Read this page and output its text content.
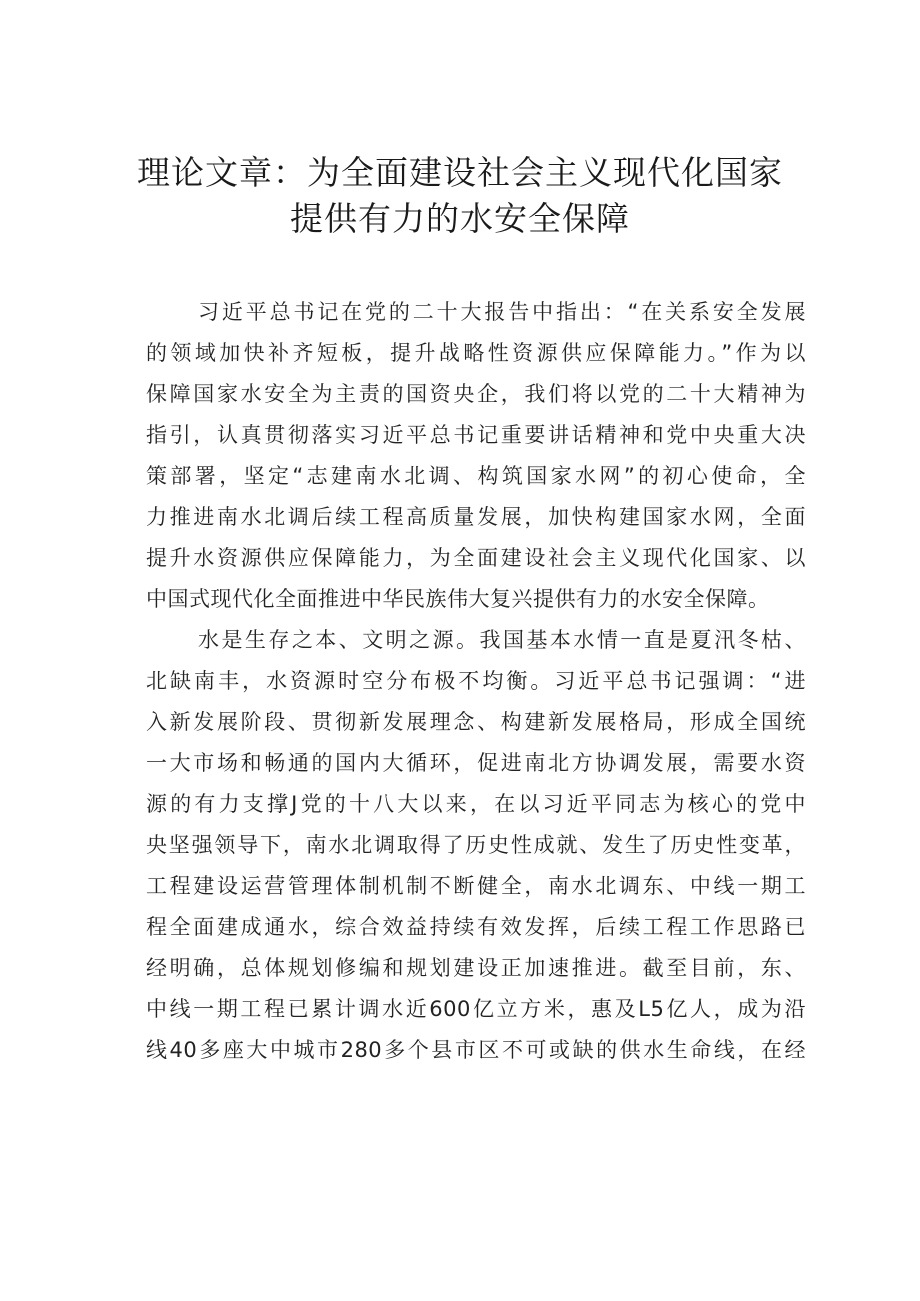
理论文章：为全面建设社会主义现代化国家
提供有力的水安全保障
习近平总书记在党的二十大报告中指出：“在关系安全发展
的领域加快补齐短板，提升战略性资源供应保障能力。”作为以
保障国家水安全为主责的国资央企，我们将以党的二十大精神为
指引，认真贯彻落实习近平总书记重要讲话精神和党中央重大决
策部署，坚定“志建南水北调、构筑国家水网”的初心使命，全
力推进南水北调后续工程高质量发展，加快构建国家水网，全面
提升水资源供应保障能力，为全面建设社会主义现代化国家、以
中国式现代化全面推进中华民族伟大复兴提供有力的水安全保障。
水是生存之本、文明之源。我国基本水情一直是夏汛冬枯、
北缺南丰，水资源时空分布极不均衡。习近平总书记强调：“进
入新发展阶段、贯彻新发展理念、构建新发展格局，形成全国统
一大市场和畅通的国内大循环，促进南北方协调发展，需要水资
源的有力支撑J党的十八大以来，在以习近平同志为核心的党中
央坚强领导下，南水北调取得了历史性成就、发生了历史性变革，
工程建设运营管理体制机制不断健全，南水北调东、中线一期工
程全面建成通水，综合效益持续有效发挥，后续工程工作思路已
经明确，总体规划修编和规划建设正加速推进。截至目前，东、
中线一期工程已累计调水近600亿立方米，惠及L5亿人，成为沿
线40多座大中城市280多个县市区不可或缺的供水生命线，在经
